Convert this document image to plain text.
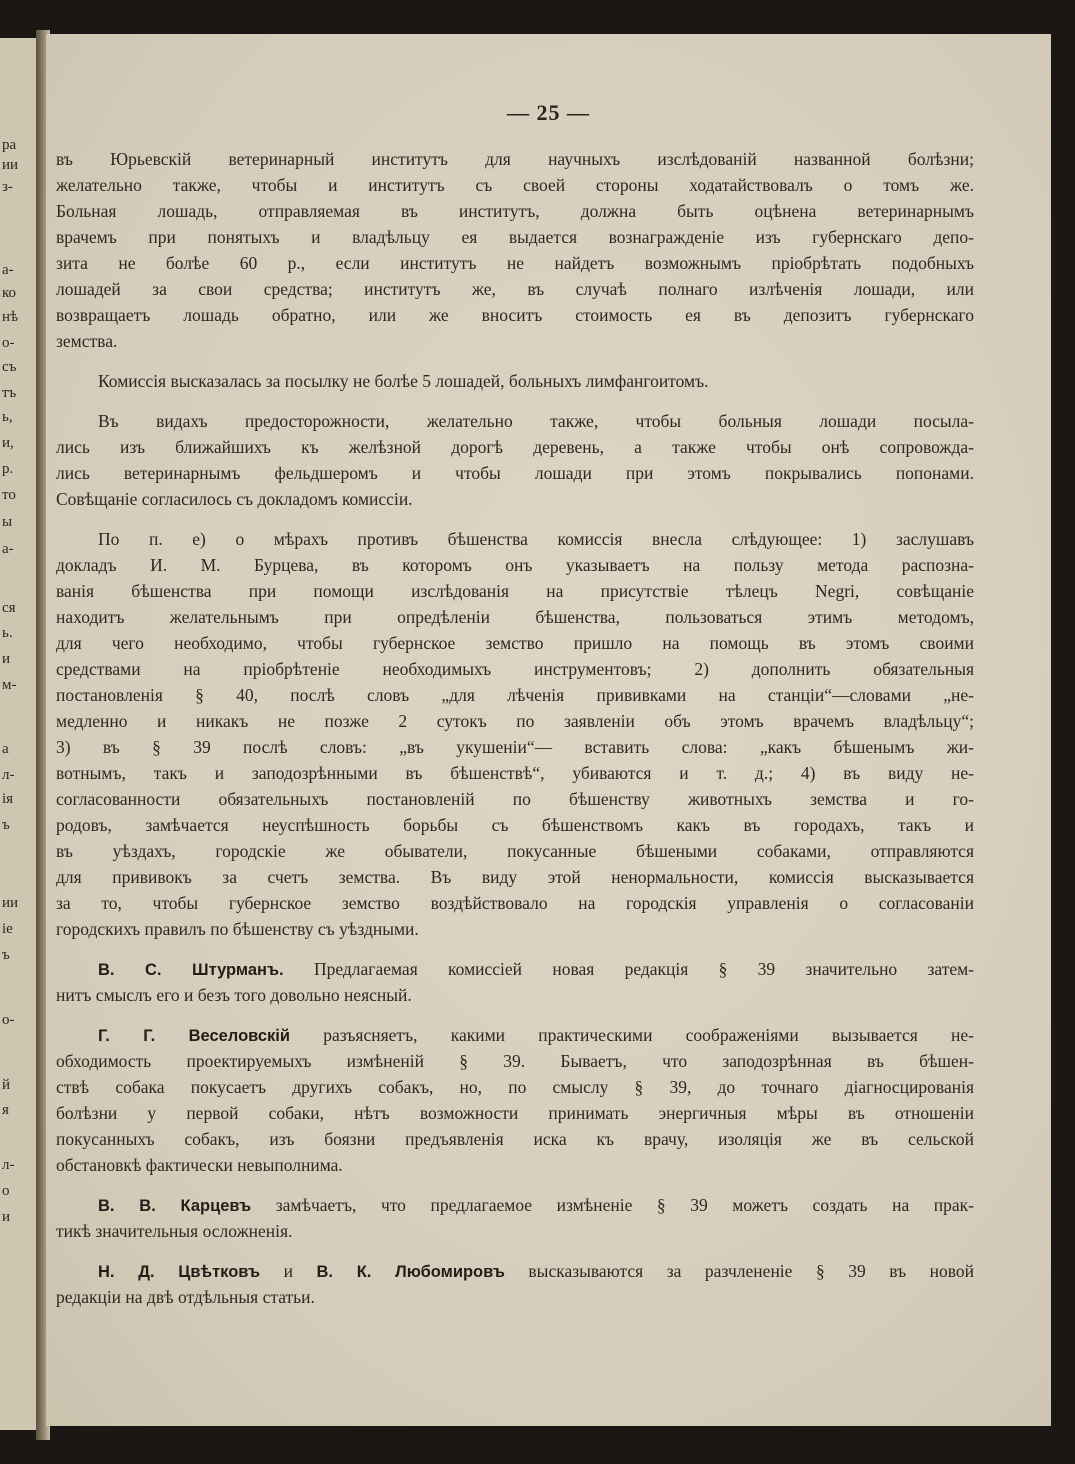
ра
ии
з-
а-
ко
нѣ
о-
съ
тъ
ь,
и,
р.
то
ы
а-
ся
ь.
и
м-
а
л-
ія
ъ
ии
іе
ъ
о-
й
я
л-
о
и
— 25 —
въ Юрьевскій ветеринарный институтъ для научныхъ изслѣдованій названной болѣзни;
желательно также, чтобы и институтъ съ своей стороны ходатайствовалъ о томъ же.
Больная лошадь, отправляемая въ институтъ, должна быть оцѣнена ветеринарнымъ
врачемъ при понятыхъ и владѣльцу ея выдается вознагражденіе изъ губернскаго депо-
зита не болѣе 60 р., если институтъ не найдетъ возможнымъ пріобрѣтать подобныхъ
лошадей за свои средства; институтъ же, въ случаѣ полнаго излѣченія лошади, или
возвращаетъ лошадь обратно, или же вноситъ стоимость ея въ депозитъ губернскаго
земства.
Комиссія высказалась за посылку не болѣе 5 лошадей, больныхъ лимфангоитомъ.
Въ видахъ предосторожности, желательно также, чтобы больныя лошади посыла-
лись изъ ближайшихъ къ желѣзной дорогѣ деревень, а также чтобы онѣ сопровожда-
лись ветеринарнымъ фельдшеромъ и чтобы лошади при этомъ покрывались попонами.
Совѣщаніе согласилось съ докладомъ комиссіи.
По п. е) о мѣрахъ противъ бѣшенства комиссія внесла слѣдующее: 1) заслушавъ
докладъ И. М. Бурцева, въ которомъ онъ указываетъ на пользу метода распозна-
ванія бѣшенства при помощи изслѣдованія на присутствіе тѣлецъ Negri, совѣщаніе
находитъ желательнымъ при опредѣленіи бѣшенства, пользоваться этимъ методомъ,
для чего необходимо, чтобы губернское земство пришло на помощь въ этомъ своими
средствами на пріобрѣтеніе необходимыхъ инструментовъ; 2) дополнить обязательныя
постановленія § 40, послѣ словъ „для лѣченія прививками на станціи“—словами „не-
медленно и никакъ не позже 2 сутокъ по заявленіи объ этомъ врачемъ владѣльцу“;
3) въ § 39 послѣ словъ: „въ укушеніи“— вставить слова: „какъ бѣшенымъ жи-
вотнымъ, такъ и заподозрѣнными въ бѣшенствѣ“, убиваются и т. д.; 4) въ виду не-
согласованности обязательныхъ постановленій по бѣшенству животныхъ земства и го-
родовъ, замѣчается неуспѣшность борьбы съ бѣшенствомъ какъ въ городахъ, такъ и
въ уѣздахъ, городскіе же обыватели, покусанные бѣшеными собаками, отправляются
для прививокъ за счетъ земства. Въ виду этой ненормальности, комиссія высказывается
за то, чтобы губернское земство воздѣйствовало на городскія управленія о согласованіи
городскихъ правилъ по бѣшенству съ уѣздными.
В. С. Штурманъ. Предлагаемая комиссіей новая редакція § 39 значительно затем-
нитъ смыслъ его и безъ того довольно неясный.
Г. Г. Веселовскій разъясняетъ, какими практическими соображеніями вызывается не-
обходимость проектируемыхъ измѣненій § 39. Бываетъ, что заподозрѣнная въ бѣшен-
ствѣ собака покусаетъ другихъ собакъ, но, по смыслу § 39, до точнаго діагносцированія
болѣзни у первой собаки, нѣтъ возможности принимать энергичныя мѣры въ отношеніи
покусанныхъ собакъ, изъ боязни предъявленія иска къ врачу, изоляція же въ сельской
обстановкѣ фактически невыполнима.
В. В. Карцевъ замѣчаетъ, что предлагаемое измѣненіе § 39 можетъ создать на прак-
тикѣ значительныя осложненія.
Н. Д. Цвѣтковъ и В. К. Любомировъ высказываются за разчлененіе § 39 въ новой
редакціи на двѣ отдѣльныя статьи.
